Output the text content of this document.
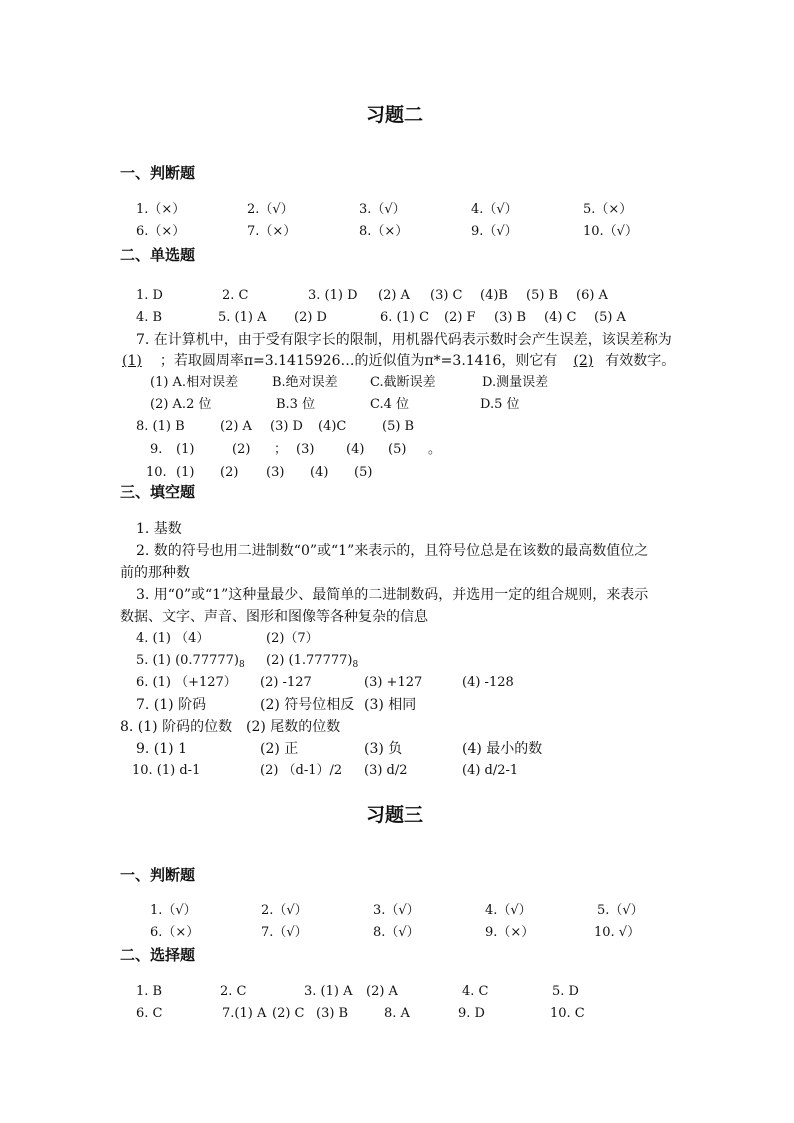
习题二
一、判断题
1.（×）	2.（√）	3.（√）	4.（√）	5.（×）
6.（×）	7.（×）	8.（×）	9.（√）	10.（√）
二、单选题
1. D	2. C	3. (1) D (2) A (3) C (4)B (5) B (6) A
4. B	5. (1) A (2) D	6. (1) C (2) F (3) B (4) C (5) A
7. 在计算机中，由于受有限字长的限制，用机器代码表示数时会产生误差，该误差称为
(1) ；若取圆周率π=3.1415926…的近似值为π*=3.1416，则它有 (2) 有效数字。
(1) A.相对误差	B.绝对误差 C.截断误差	D.测量误差
(2) A.2 位	B.3 位	C.4 位	D.5 位
8. (1) B	(2) A (3) D (4)C	(5) B
9. (1)	(2) ； (3) (4) (5) 。
10. (1) (2) (3) (4) (5)
三、填空题
1. 基数
2. 数的符号也用二进制数“0”或“1”来表示的，且符号位总是在该数的最高数值位之
前的那种数
3. 用“0”或“1”这种量最少、最简单的二进制数码，并选用一定的组合规则，来表示
数据、文字、声音、图形和图像等各种复杂的信息
4. (1) （4）	(2)（7）
5. (1) $(0.77777)_8$ (2) $(1.77777)_8$
6. (1) （+127） (2) -127	(3) +127	(4) -128
7. (1) 阶码	(2) 符号位相反 (3) 相同
8. (1) 阶码的位数 (2) 尾数的位数
9. (1) 1	(2) 正	(3) 负	(4) 最小的数
10. (1) d-1	(2) （d-1）/2 (3) d/2	(4) d/2-1
习题三
一、判断题
1.（√）	2.（√）	3.（√）	4.（√）	5.（√）
6.（×）	7.（√）	8.（√）	9.（×）	10. √）
二、选择题
1. B	2. C	3. (1) A (2) A	4. C	5. D
6. C	7.(1) A (2) C (3) B	8. A	9. D	10. C
